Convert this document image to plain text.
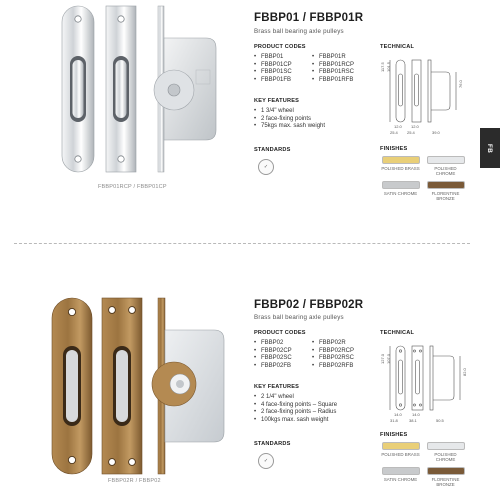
FB
FBBP01RCP / FBBP01CP
FBBP01 / FBBP01R
Brass ball bearing axle pulleys
PRODUCT CODES
• FBBP01	• FBBP01R
• FBBP01CP	• FBBP01RCP
• FBBP01SC	• FBBP01RSC
• FBBP01FB	• FBBP01RFB
KEY FEATURES
• 1 3/4" wheel
• 2 face-fixing points
• 75kgs max. sash weight
STANDARDS
✓
TECHNICAL
117.5 101.5
76.0
12.0
25.4
12.0
25.4	39.0
FINISHES
POLISHED BRASS	POLISHED CHROME
SATIN CHROME	FLORENTINE BRONZE
FBBP02R / FBBP02
FBBP02 / FBBP02R
Brass ball bearing axle pulleys
PRODUCT CODES
• FBBP02	• FBBP02R
• FBBP02CP	• FBBP02RCP
• FBBP02SC	• FBBP02RSC
• FBBP02FB	• FBBP02RFB
KEY FEATURES
• 2 1/4" wheel
• 4 face-fixing points – Square
• 2 face-fixing points – Radius
• 100kgs max. sash weight
STANDARDS
✓
TECHNICAL
127.0 107.0
82.0
14.0
31.8
14.0
38.1	50.5
FINISHES
POLISHED BRASS	POLISHED CHROME
SATIN CHROME	FLORENTINE BRONZE
